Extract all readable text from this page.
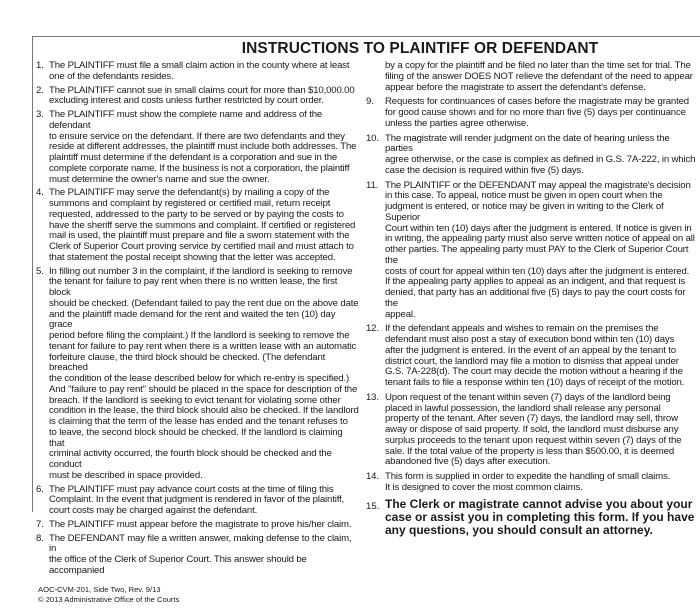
INSTRUCTIONS TO PLAINTIFF OR DEFENDANT
1. The PLAINTIFF must file a small claim action in the county where at least
one of the defendants resides.
2. The PLAINTIFF cannot sue in small claims court for more than $10,000.00
excluding interest and costs unless further restricted by court order.
3. The PLAINTIFF must show the complete name and address of the defendant
to ensure service on the defendant. If there are two defendants and they
reside at different addresses, the plaintiff must include both addresses. The
plaintiff must determine if the defendant is a corporation and sue in the
complete corporate name. If the business is not a corporation, the plaintiff
must determine the owner's name and sue the owner.
4. The PLAINTIFF may serve the defendant(s) by mailing a copy of the
summons and complaint by registered or certified mail, return receipt
requested, addressed to the party to be served or by paying the costs to
have the sheriff serve the summons and complaint. If certified or registered
mail is used, the plaintiff must prepare and file a sworn statement with the
Clerk of Superior Court proving service by certified mail and must attach to
that statement the postal receipt showing that the letter was accepted.
5. In filling out number 3 in the complaint, if the landlord is seeking to remove
the tenant for failure to pay rent when there is no written lease, the first block
should be checked. (Defendant failed to pay the rent due on the above date
and the plaintiff made demand for the rent and waited the ten (10) day grace
period before filing the complaint.) If the landlord is seeking to remove the
tenant for failure to pay rent when there is a written lease with an automatic
forfeiture clause, the third block should be checked. (The defendant breached
the condition of the lease described below for which re-entry is specified.)
And "failure to pay rent" should be placed in the space for description of the
breach. If the landlord is seeking to evict tenant for violating some other
condition in the lease, the third block should also be checked. If the landlord
is claiming that the term of the lease has ended and the tenant refuses to
to leave, the second block should be checked. If the landlord is claiming that
criminal activity occurred, the fourth block should be checked and the conduct
must be described in space provided.
6. The PLAINTIFF must pay advance court costs at the time of filing this
Complaint. In the event that judgment is rendered in favor of the plaintiff,
court costs may be charged against the defendant.
7. The PLAINTIFF must appear before the magistrate to prove his/her claim.
8. The DEFENDANT may file a written answer, making defense to the claim, in
the office of the Clerk of Superior Court. This answer should be accompanied
AOC-CVM-201, Side Two, Rev. 9/13
© 2013 Administrative Office of the Courts
by a copy for the plaintiff and be filed no later than the time set for trial. The
filing of the answer DOES NOT relieve the defendant of the need to appear
appear before the magistrate to assert the defendant's defense.
9. Requests for continuances of cases before the magistrate may be granted
for good cause shown and for no more than five (5) days per continuance
unless the parties agree otherwise.
10. The magistrate will render judgment on the date of hearing unless the parties
agree otherwise, or the case is complex as defined in G.S. 7A-222, in which
case the decision is required within five (5) days.
11. The PLAINTIFF or the DEFENDANT may appeal the magistrate's decision
in this case. To appeal, notice must be given in open court when the
judgment is entered, or notice may be given in writing to the Clerk of Superior
Court within ten (10) days after the judgment is entered. If notice is given in
in writing, the appealing party must also serve written notice of appeal on all
other parties. The appealing party must PAY to the Clerk of Superior Court the
costs of court for appeal within ten (10) days after the judgment is entered.
If the appealing party applies to appeal as an indigent, and that request is
denied, that party has an additional five (5) days to pay the court costs for the
appeal.
12. If the defendant appeals and wishes to remain on the premises the
defendant must also post a stay of execution bond within ten (10) days
after the judgment is entered. In the event of an appeal by the tenant to
district court, the landlord may file a motion to dismiss that appeal under
G.S. 7A-228(d). The court may decide the motion without a hearing if the
tenant fails to file a response within ten (10) days of receipt of the motion.
13. Upon request of the tenant within seven (7) days of the landlord being
placed in lawful possession, the landlord shall release any personal
property of the tenant. After seven (7) days, the landlord may sell, throw
away or dispose of said property. If sold, the landlord must disburse any
surplus proceeds to the tenant upon request within seven (7) days of the
sale. If the total value of the property is less than $500.00, it is deemed
abandoned five (5) days after execution.
14. This form is supplied in order to expedite the handling of small claims.
It is designed to cover the most common claims.
15. The Clerk or magistrate cannot advise you about your
case or assist you in completing this form. If you have
any questions, you should consult an attorney.
